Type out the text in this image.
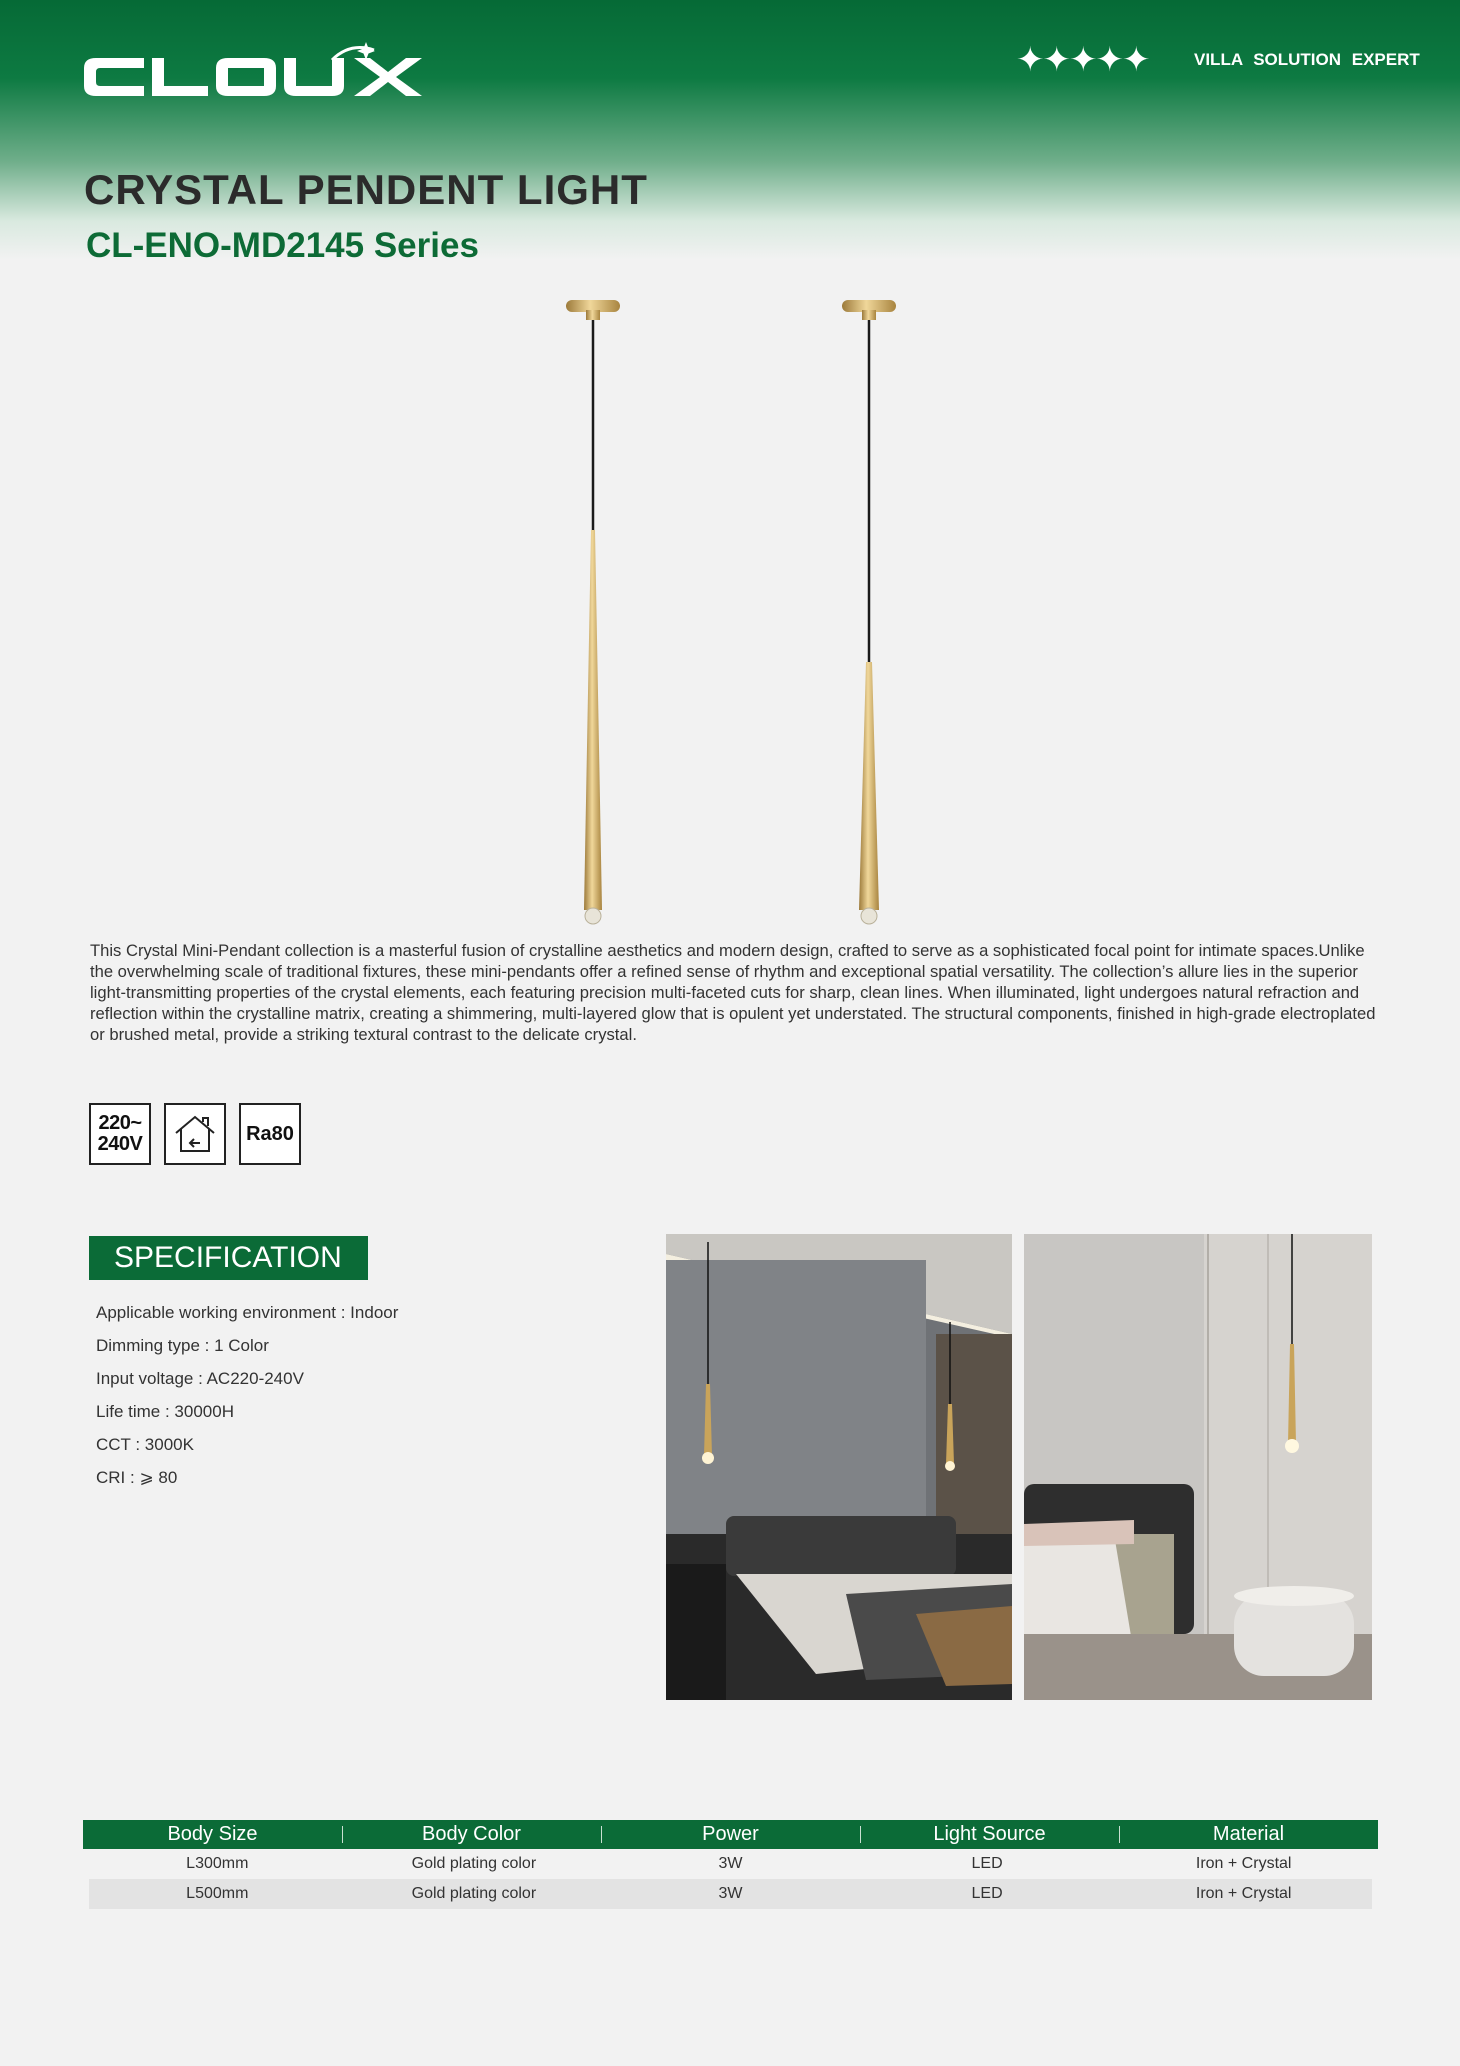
✦✦✦✦✦	VILLA SOLUTION EXPERT
CRYSTAL PENDENT LIGHT
CL-ENO-MD2145 Series

This Crystal Mini-Pendant collection is a masterful fusion of crystalline aesthetics and modern design, crafted to serve as a sophisticated focal point for intimate spaces.Unlike the overwhelming scale of traditional fixtures, these mini-pendants offer a refined sense of rhythm and exceptional spatial versatility. The collection’s allure lies in the superior light-transmitting properties of the crystal elements, each featuring precision multi-faceted cuts for sharp, clean lines. When illuminated, light undergoes natural refraction and reflection within the crystalline matrix, creating a shimmering, multi-layered glow that is opulent yet understated. The structural components, finished in high-grade electroplated or brushed metal, provide a striking textural contrast to the delicate crystal.

220~
240V	Ra80
SPECIFICATION
Applicable working environment : Indoor
Dimming type : 1 Color
Input voltage : AC220-240V
Life time : 30000H
CCT : 3000K
CRI : ⩾ 80
Body Size	Body Color	Power	Light Source	Material
L300mm	Gold plating color	3W	LED	Iron + Crystal
L500mm	Gold plating color	3W	LED	Iron + Crystal
